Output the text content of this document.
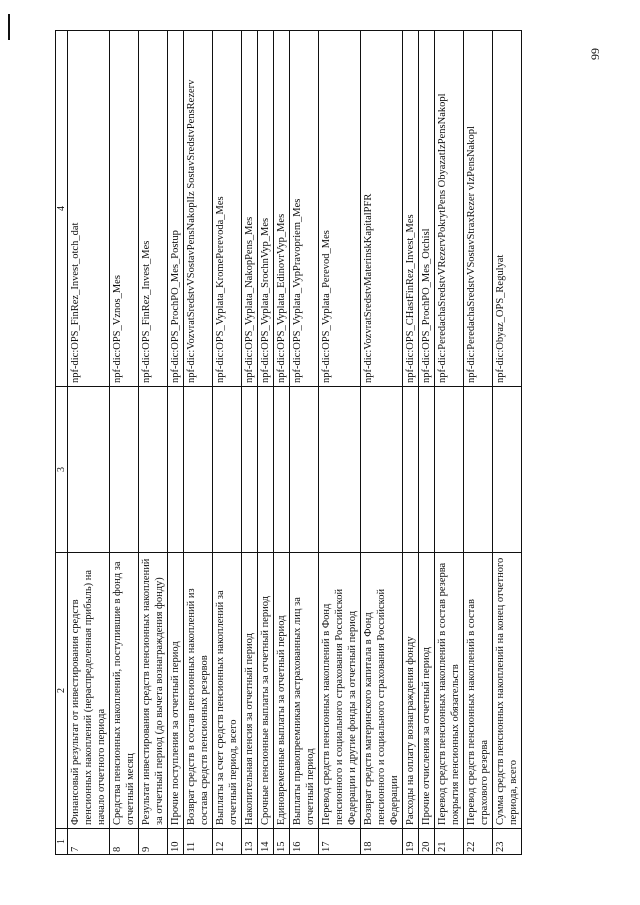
99
1	2	3	4
7	Финансовый результат от инвестирования средств пенсионных накоплений (нераспределенная прибыль) на начало отчетного периода		npf-dic:OPS_FinRez_Invest_otch_dat
8	Средства пенсионных накоплений, поступившие в фонд за отчетный месяц		npf-dic:OPS_Vznos_Mes
9	Результат инвестирования средств пенсионных накоплений за отчетный период (до вычета вознаграждения фонду)		npf-dic:OPS_FinRez_Invest_Mes
10	Прочие поступления за отчетный период		npf-dic:OPS_ProchPO_Mes_Postup
11	Возврат средств в состав пенсионных накоплений из состава средств пенсионных резервов		npf-dic:VozvratSredstvVSostavPensNakoplIz SostavSredstvPensRezerv
12	Выплаты за счет средств пенсионных накоплений за отчетный период, всего		npf-dic:OPS_Vyplata_KromePerevoda_Mes
13	Накопительная пенсия за отчетный период		npf-dic:OPS_Vyplata_NakopPens_Mes
14	Срочные пенсионные выплаты за отчетный период		npf-dic:OPS_Vyplata_SrochnVyp_Mes
15	Единовременные выплаты за отчетный период		npf-dic:OPS_Vyplata_EdinovrVyp_Mes
16	Выплаты правопреемникам застрахованных лиц за отчетный период		npf-dic:OPS_Vyplata_VypPravopriem_Mes
17	Перевод средств пенсионных накоплений в Фонд пенсионного и социального страхования Российской Федерации и другие фонды за отчетный период		npf-dic:OPS_Vyplata_Perevod_Mes
18	Возврат средств материнского капитала в Фонд пенсионного и социального страхования Российской Федерации		npf-dic:VozvratSredstvMaterinskKapitalPFR
19	Расходы на оплату вознаграждения фонду		npf-dic:OPS_CHastFinRez_Invest_Mes
20	Прочие отчисления за отчетный период		npf-dic:OPS_ProchPO_Mes_Otchisl
21	Перевод средств пенсионных накоплений в состав резерва покрытия пенсионных обязательств		npf-dic:PeredachaSredstvVRezervPokrytPens ObyazatIzPensNakopl
22	Перевод средств пенсионных накоплений в состав страхового резерва		npf-dic:PeredachaSredstvVSostavStraxRezer vIzPensNakopl
23	Сумма средств пенсионных накоплений на конец отчетного периода, всего		npf-dic:Obyaz_OPS_Regulyat
